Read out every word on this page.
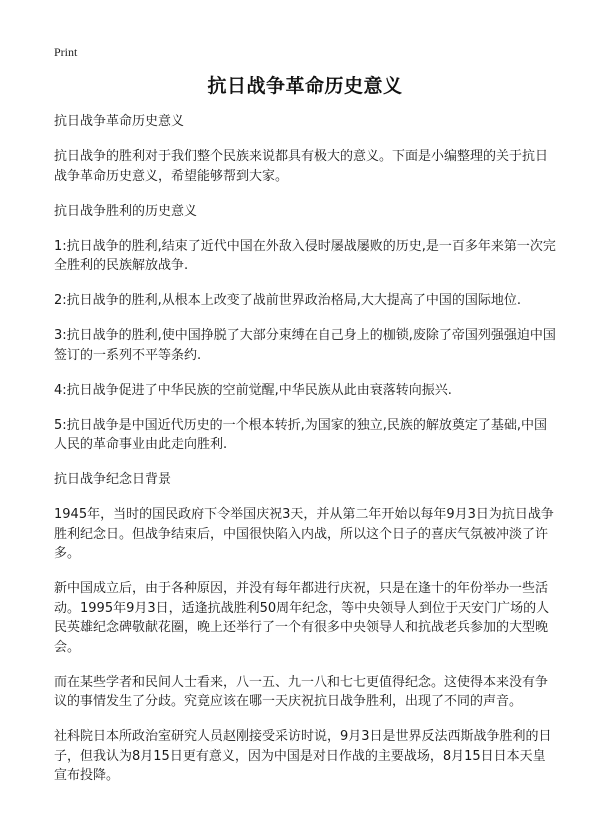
Print
抗日战争革命历史意义

抗日战争革命历史意义

抗日战争的胜利对于我们整个民族来说都具有极大的意义。下面是小编整理的关于抗日战争革命历史意义，希望能够帮到大家。

抗日战争胜利的历史意义

1:抗日战争的胜利,结束了近代中国在外敌入侵时屡战屡败的历史,是一百多年来第一次完全胜利的民族解放战争.

2:抗日战争的胜利,从根本上改变了战前世界政治格局,大大提高了中国的国际地位.

3:抗日战争的胜利,使中国挣脱了大部分束缚在自己身上的枷锁,废除了帝国列强强迫中国签订的一系列不平等条约.

4:抗日战争促进了中华民族的空前觉醒,中华民族从此由衰落转向振兴.

5:抗日战争是中国近代历史的一个根本转折,为国家的独立,民族的解放奠定了基础,中国人民的革命事业由此走向胜利.

抗日战争纪念日背景

1945年，当时的国民政府下令举国庆祝3天，并从第二年开始以每年9月3日为抗日战争胜利纪念日。但战争结束后，中国很快陷入内战，所以这个日子的喜庆气氛被冲淡了许多。

新中国成立后，由于各种原因，并没有每年都进行庆祝，只是在逢十的年份举办一些活动。1995年9月3日，适逢抗战胜利50周年纪念，等中央领导人到位于天安门广场的人民英雄纪念碑敬献花圈，晚上还举行了一个有很多中央领导人和抗战老兵参加的大型晚会。

而在某些学者和民间人士看来，八一五、九一八和七七更值得纪念。这使得本来没有争议的事情发生了分歧。究竟应该在哪一天庆祝抗日战争胜利，出现了不同的声音。

社科院日本所政治室研究人员赵刚接受采访时说，9月3日是世界反法西斯战争胜利的日子，但我认为8月15日更有意义，因为中国是对日作战的主要战场，8月15日日本天皇宣布投降。
